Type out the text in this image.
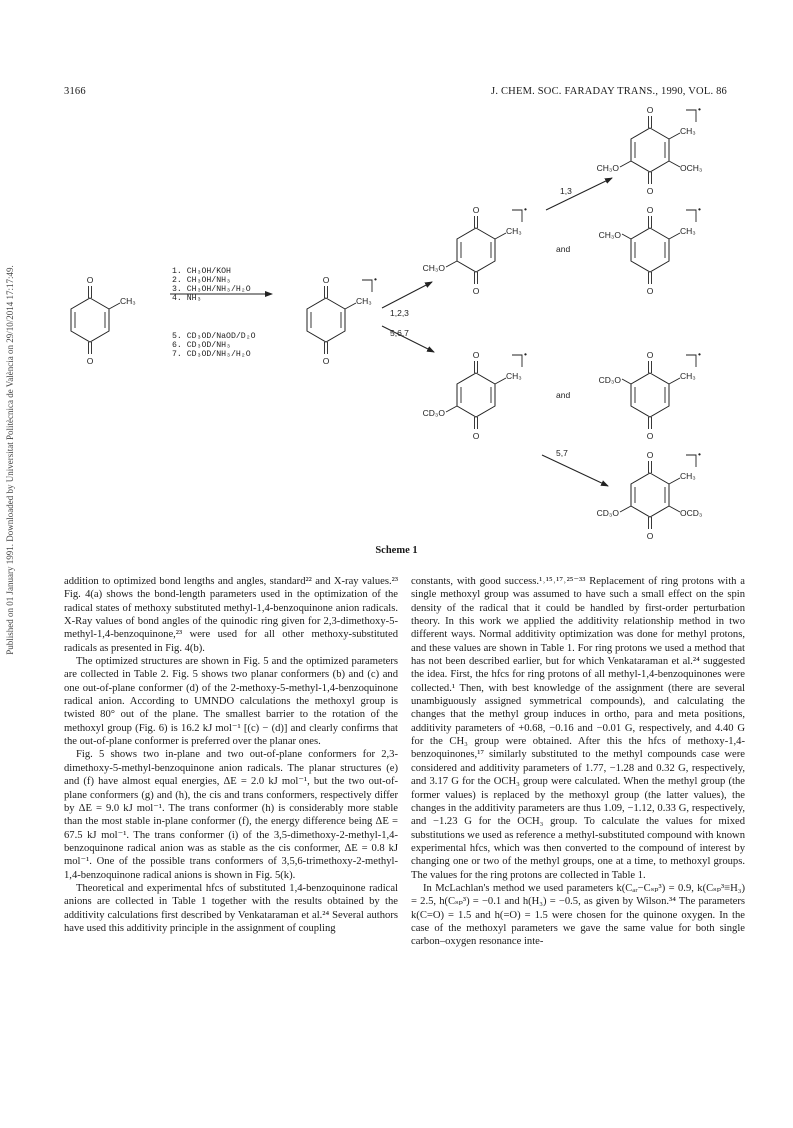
3166	J. CHEM. SOC. FARADAY TRANS., 1990, VOL. 86
Published on 01 January 1991. Downloaded by Universitat Politècnica de València on 29/10/2014 17:17:49.	O
O
CH₃
O
O
CH₃
•
O
O
CH₃
CH₃O
•
O
O
CH₃
CH₃O	OCH₃
•
O
O
CH₃
CH₃O
•
O
O
CH₃
CD₃O
•	O
O
CH₃
CD₃O
•
O
O
CH₃
CD₃O	OCD₃
•
1. CH₃OH/KOH
2. CH₃OH/NH₃
3. CH₃OH/NH₃/H₂O
4. NH₃
5. CD₃OD/NaOD/D₂O
6. CD₃OD/NH₃
7. CD₃OD/NH₃/H₂O
1,3
1,2,3
5,6,7
5,7
and
and
Scheme 1

addition to optimized bond lengths and angles, standard²² and X-ray values.²³ Fig. 4(a) shows the bond-length parameters used in the optimization of the radical states of methoxy substituted methyl-1,4-benzoquinone anion radicals. X-Ray values of bond angles of the quinodic ring given for 2,3-dimethoxy-5-methyl-1,4-benzoquinone,²³ were used for all other methoxy-substituted radicals as presented in Fig. 4(b).

The optimized structures are shown in Fig. 5 and the optimized parameters are collected in Table 2. Fig. 5 shows two planar conformers (b) and (c) and one out-of-plane conformer (d) of the 2-methoxy-5-methyl-1,4-benzoquinone radical anion. According to UMNDO calculations the methoxyl group is twisted 80° out of the plane. The smallest barrier to the rotation of the methoxyl group (Fig. 6) is 16.2 kJ mol⁻¹ [(c) − (d)] and clearly confirms that the out-of-plane conformer is preferred over the planar ones.

Fig. 5 shows two in-plane and two out-of-plane conformers for 2,3-dimethoxy-5-methyl-benzoquinone anion radicals. The planar structures (e) and (f) have almost equal energies, ΔE = 2.0 kJ mol⁻¹, but the two out-of-plane conformers (g) and (h), the cis and trans conformers, respectively differ by ΔE = 9.0 kJ mol⁻¹. The trans conformer (h) is considerably more stable than the most stable in-plane conformer (f), the energy difference being ΔE = 67.5 kJ mol⁻¹. The trans conformer (i) of the 3,5-dimethoxy-2-methyl-1,4-benzoquinone radical anion was as stable as the cis conformer, ΔE = 0.8 kJ mol⁻¹. One of the possible trans conformers of 3,5,6-trimethoxy-2-methyl-1,4-benzoquinone radical anions is shown in Fig. 5(k).

Theoretical and experimental hfcs of substituted 1,4-benzoquinone radical anions are collected in Table 1 together with the results obtained by the additivity calculations first described by Venkataraman et al.²⁴ Several authors have used this additivity principle in the assignment of coupling

constants, with good success.¹˒¹⁵˒¹⁷˒²⁵⁻³³ Replacement of ring protons with a single methoxyl group was assumed to have such a small effect on the spin density of the radical that it could be handled by first-order perturbation theory. In this work we applied the additivity relationship method in two different ways. Normal additivity optimization was done for methyl protons, and these values are shown in Table 1. For ring protons we used a method that has not been described earlier, but for which Venkataraman et al.²⁴ suggested the idea. First, the hfcs for ring protons of all methyl-1,4-benzoquinones were collected.¹ Then, with best knowledge of the assignment (there are several unambiguously assigned symmetrical compounds), and calculating the changes that the methyl group induces in ortho, para and meta positions, additivity parameters of +0.68, −0.16 and −0.01 G, respectively, and 4.40 G for the CH₃ group were obtained. After this the hfcs of methoxy-1,4-benzoquinones,¹⁷ similarly substituted to the methyl compounds case were considered and additivity parameters of 1.77, −1.28 and 0.32 G, respectively, and 3.17 G for the OCH₃ group were calculated. When the methyl group (the former values) is replaced by the methoxyl group (the latter values), the changes in the additivity parameters are thus 1.09, −1.12, 0.33 G, respectively, and −1.23 G for the OCH₃ group. To calculate the values for mixed substitutions we used as reference a methyl-substituted compound with known experimental hfcs, which was then converted to the compound of interest by changing one or two of the methyl groups, one at a time, to methoxyl groups. The values for the ring protons are collected in Table 1.

In McLachlan's method we used parameters k(Cₐᵣ−Cₛₚ³) = 0.9, k(Cₛₚ³≡H₃) = 2.5, h(Cₛₚ³) = −0.1 and h(H₃) = −0.5, as given by Wilson.³⁴ The parameters k(C=O) = 1.5 and h(=O) = 1.5 were chosen for the quinone oxygen. In the case of the methoxyl parameters we gave the same value for both single carbon–oxygen resonance inte-
